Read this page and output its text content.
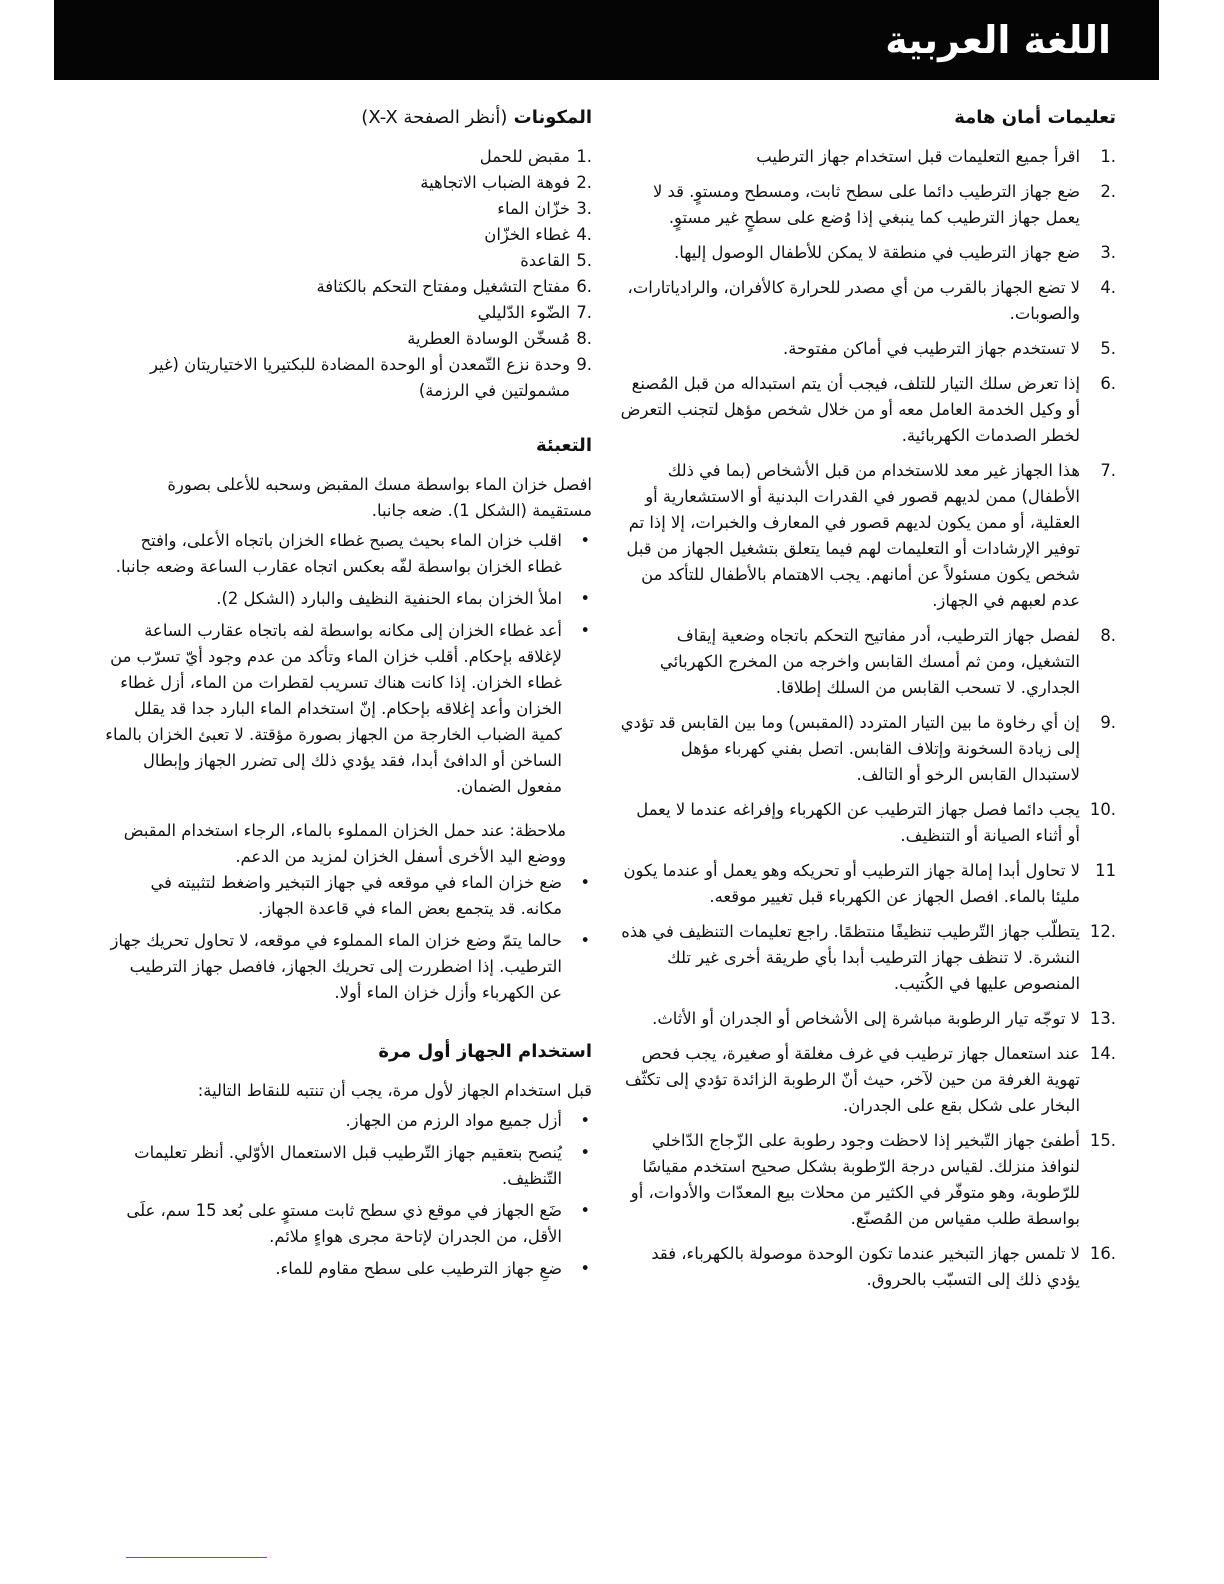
اللغة العربية
تعليمات أمان هامة
1.
اقرأ جميع التعليمات قبل استخدام جهاز الترطيب
2.
ضع جهاز الترطيب دائما على سطح ثابت، ومسطح ومستوٍ. قد لا يعمل جهاز الترطيب كما ينبغي إذا وُضع على سطحٍ غير مستوٍ.
3.
ضع جهاز الترطيب في منطقة لا يمكن للأطفال الوصول إليها.
4.
لا تضع الجهاز بالقرب من أي مصدر للحرارة كالأفران، والرادياتارات، والصوبات.
5.
لا تستخدم جهاز الترطيب في أماكن مفتوحة.
6.
إذا تعرض سلك التيار للتلف، فيجب أن يتم استبداله من قبل المُصنع أو وكيل الخدمة العامل معه أو من خلال شخص مؤهل لتجنب التعرض لخطر الصدمات الكهربائية.
7.
هذا الجهاز غير معد للاستخدام من قبل الأشخاص (بما في ذلك الأطفال) ممن لديهم قصور في القدرات البدنية أو الاستشعارية أو العقلية، أو ممن يكون لديهم قصور في المعارف والخبرات، إلا إذا تم توفير الإرشادات أو التعليمات لهم فيما يتعلق بتشغيل الجهاز من قبل شخص يكون مسئولاً عن أمانهم. يجب الاهتمام بالأطفال للتأكد من عدم لعبهم في الجهاز.
8.
لفصل جهاز الترطيب، أدر مفاتيح التحكم باتجاه وضعية إيقاف التشغيل، ومن ثم أمسك القابس واخرجه من المخرج الكهربائي الجداري. لا تسحب القابس من السلك إطلاقا.
9.
إن أي رخاوة ما بين التيار المتردد (المقبس) وما بين القابس قد تؤدي إلى زيادة السخونة وإتلاف القابس. اتصل بفني كهرباء مؤهل لاستبدال القابس الرخو أو التالف.
10.
يجب دائما فصل جهاز الترطيب عن الكهرباء وإفراغه عندما لا يعمل أو أثناء الصيانة أو التنظيف.
11
لا تحاول أبدا إمالة جهاز الترطيب أو تحريكه وهو يعمل أو عندما يكون مليئا بالماء. افصل الجهاز عن الكهرباء قبل تغيير موقعه.
12.
يتطلّب جهاز التّرطيب تنظيفًا منتظمًا. راجع تعليمات التنظيف في هذه النشرة. لا تنظف جهاز الترطيب أبدا بأي طريقة أخرى غير تلك المنصوص عليها في الكُتيب.
13.
لا توجّه تيار الرطوبة مباشرة إلى الأشخاص أو الجدران أو الأثاث.
14.
عند استعمال جهاز ترطيب في غرف مغلقة أو صغيرة، يجب فحص تهوية الغرفة من حين لآخر، حيث أنّ الرطوبة الزائدة تؤدي إلى تكثّف البخار على شكل بقع على الجدران.
15.
أطفئ جهاز التّبخير إذا لاحظت وجود رطوبة على الزّجاج الدّاخلي لنوافذ منزلك. لقياس درجة الرّطوبة بشكل صحيح استخدم مقياسًا للرّطوبة، وهو متوفّر في الكثير من محلات بيع المعدّات والأدوات، أو بواسطة طلب مقياس من المُصنّع.
16.
لا تلمس جهاز التبخير عندما تكون الوحدة موصولة بالكهرباء، فقد يؤدي ذلك إلى التسبّب بالحروق.
المكونات (أنظر الصفحة X-X)
1.
مقبض للحمل
2.
فوهة الضباب الاتجاهية
3.
خزّان الماء
4.
غطاء الخزّان
5.
القاعدة
6.
مفتاح التشغيل ومفتاح التحكم بالكثافة
7.
الضّوء الدّليلي
8.
مُسخّن الوسادة العطرية
9.
وحدة نزع التّمعدن أو الوحدة المضادة للبكتيريا الاختياريتان (غير مشمولتين في الرزمة)
التعبئة

افصل خزان الماء بواسطة مسك المقبض وسحبه للأعلى بصورة مستقيمة (الشكل 1). ضعه جانبا.

• اقلب خزان الماء بحيث يصبح غطاء الخزان باتجاه الأعلى، وافتح غطاء الخزان بواسطة لفّه بعكس اتجاه عقارب الساعة وضعه جانبا.
• املأ الخزان بماء الحنفية النظيف والبارد (الشكل 2).
• أعد غطاء الخزان إلى مكانه بواسطة لفه باتجاه عقارب الساعة لإغلاقه بإحكام. أقلب خزان الماء وتأكد من عدم وجود أيّ تسرّب من غطاء الخزان. إذا كانت هناك تسريب لقطرات من الماء، أزل غطاء الخزان وأعد إغلاقه بإحكام. إنّ استخدام الماء البارد جدا قد يقلل كمية الضباب الخارجة من الجهاز بصورة مؤقتة. لا تعبئ الخزان بالماء الساخن أو الدافئ أبدا، فقد يؤدي ذلك إلى تضرر الجهاز وإبطال مفعول الضمان.

ملاحظة: عند حمل الخزان المملوء بالماء، الرجاء استخدام المقبض ووضع اليد الأخرى أسفل الخزان لمزيد من الدعم.

• ضع خزان الماء في موقعه في جهاز التبخير واضغط لتثبيته في مكانه. قد يتجمع بعض الماء في قاعدة الجهاز.
• حالما يتمّ وضع خزان الماء المملوء في موقعه، لا تحاول تحريك جهاز الترطيب. إذا اضطررت إلى تحريك الجهاز، فافصل جهاز الترطيب عن الكهرباء وأزل خزان الماء أولا.
استخدام الجهاز أول مرة

قبل استخدام الجهاز لأول مرة، يجب أن تنتبه للنقاط التالية:

• أزل جميع مواد الرزم من الجهاز.
• يُنصح بتعقيم جهاز التّرطيب قبل الاستعمال الأوّلي. أنظر تعليمات التّنظيف.
• ضَع الجهاز في موقع ذي سطح ثابت مستوٍ على بُعد 15 سم، علَى الأقل، من الجدران لإتاحة مجرى هواءٍ ملائم.
• ضعِ جهاز الترطيب على سطح مقاوم للماء.
